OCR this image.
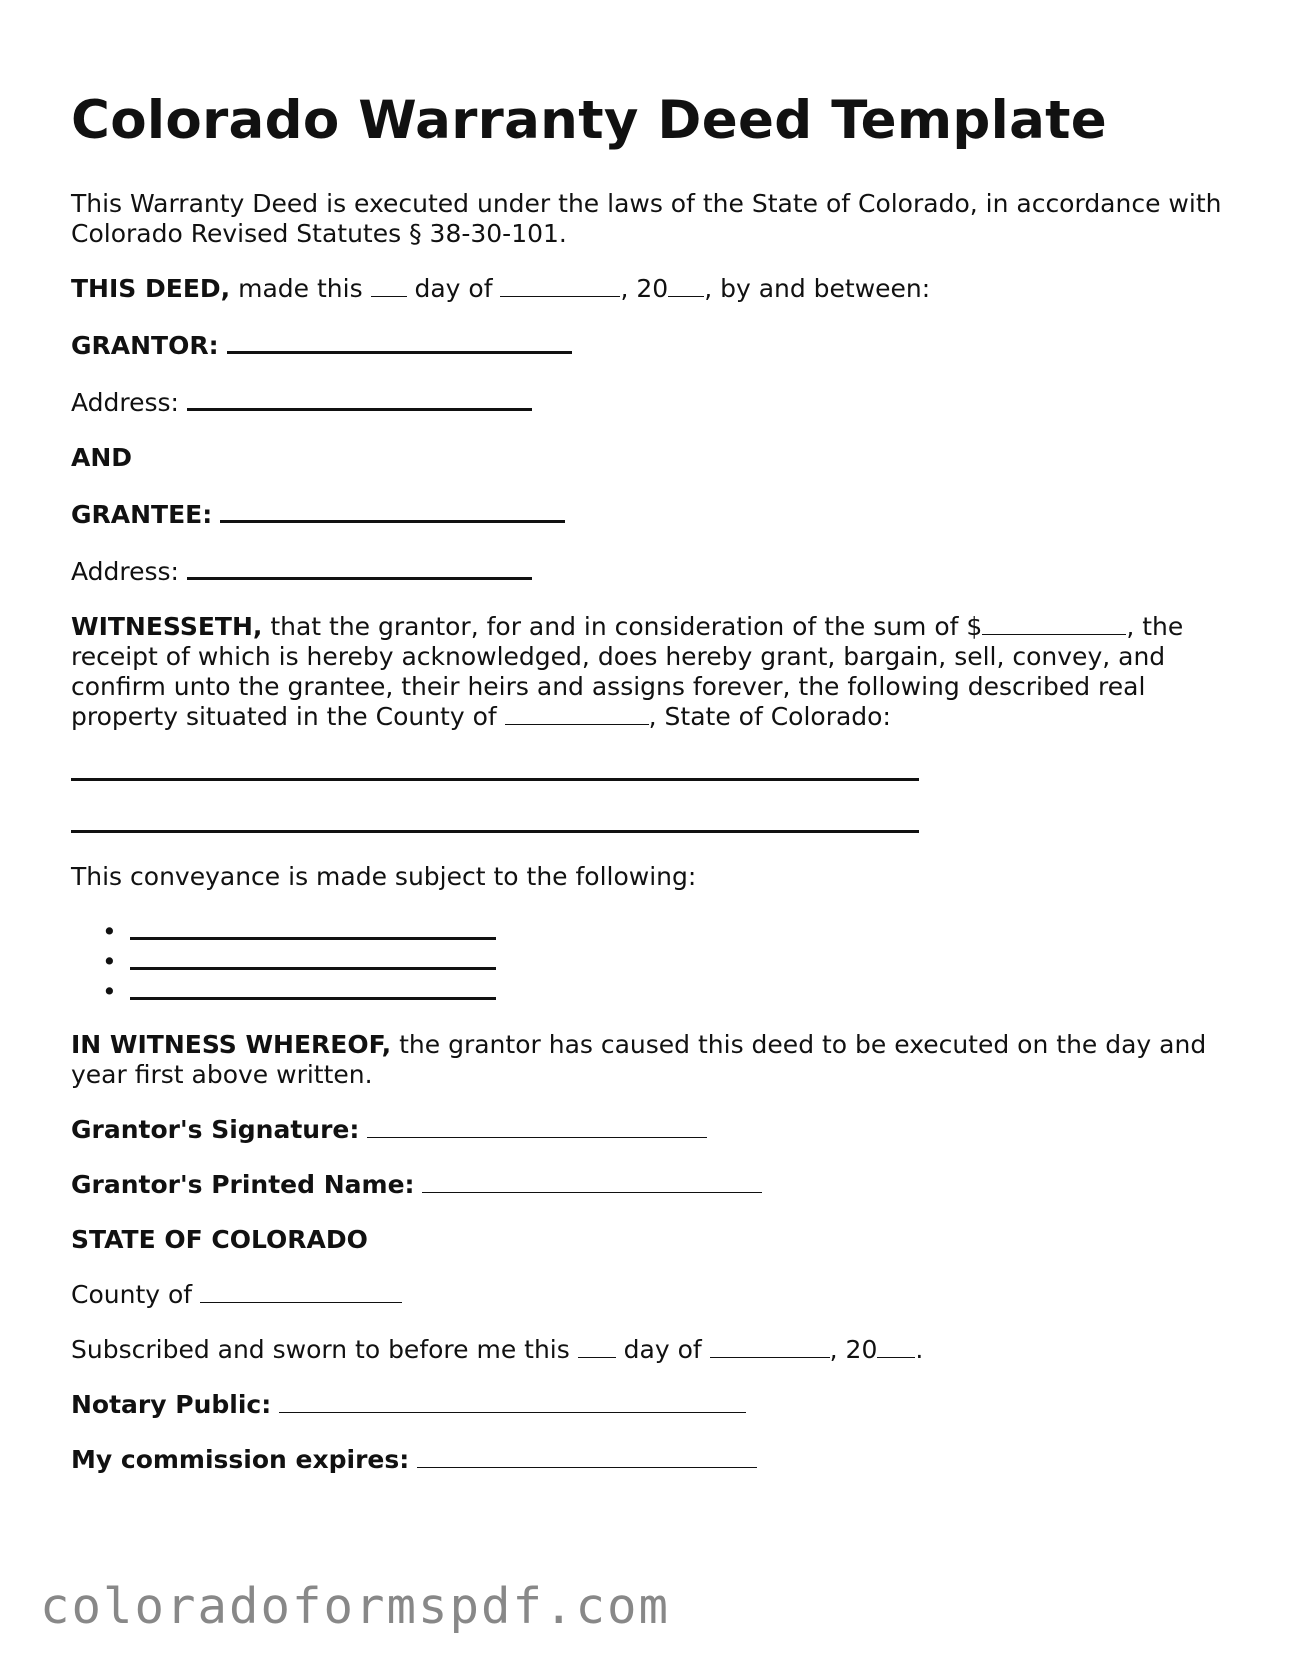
Colorado Warranty Deed Template

This Warranty Deed is executed under the laws of the State of Colorado, in accordance with Colorado Revised Statutes § 38-30-101.

THIS DEED, made this  day of	, 20 , by and between:

GRANTOR:

Address:

AND

GRANTEE:

Address:

WITNESSETH, that the grantor, for and in consideration of the sum of $	, the receipt of which is hereby acknowledged, does hereby grant, bargain, sell, convey, and confirm unto the grantee, their heirs and assigns forever, the following described real property situated in the County of	, State of Colorado:

This conveyance is made subject to the following:

•
•
•

IN WITNESS WHEREOF, the grantor has caused this deed to be executed on the day and year first above written.

Grantor's Signature:

Grantor's Printed Name:

STATE OF COLORADO

County of

Subscribed and sworn to before me this  day of	, 20 .

Notary Public:

My commission expires:

coloradoformspdf.com
